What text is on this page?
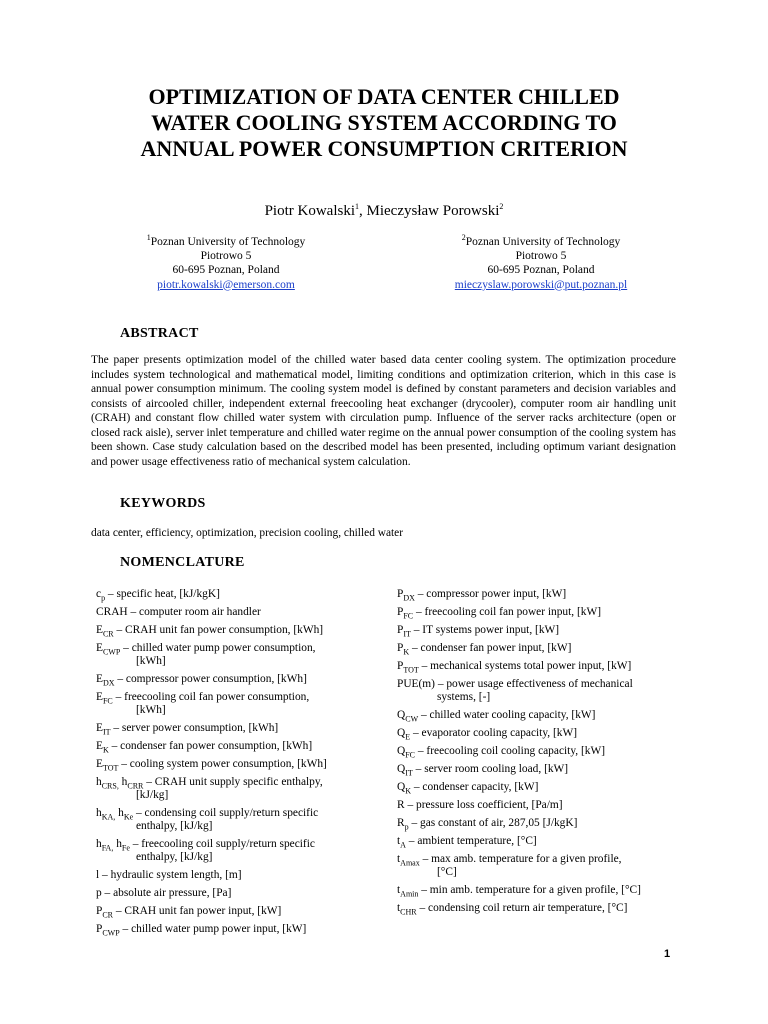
OPTIMIZATION OF DATA CENTER CHILLED
WATER COOLING SYSTEM ACCORDING TO
ANNUAL POWER CONSUMPTION CRITERION
Piotr Kowalski$^1$, Mieczysław Porowski$^2$
$^1$Poznan University of Technology
Piotrowo 5
60-695 Poznan, Poland
piotr.kowalski@emerson.com
$^2$Poznan University of Technology
Piotrowo 5
60-695 Poznan, Poland
mieczyslaw.porowski@put.poznan.pl
ABSTRACT

The paper presents optimization model of the chilled water based data center cooling system. The optimization procedure includes system technological and mathematical model, limiting conditions and optimization criterion, which in this case is annual power consumption minimum. The cooling system model is defined by constant parameters and decision variables and consists of aircooled chiller, independent external freecooling heat exchanger (drycooler), computer room air handling unit (CRAH) and constant flow chilled water system with circulation pump. Influence of the server racks architecture (open or closed rack aisle), server inlet temperature and chilled water regime on the annual power consumption of the cooling system has been shown. Case study calculation based on the described model has been presented, including optimum variant designation and power usage effectiveness ratio of mechanical system calculation.

KEYWORDS

data center, efficiency, optimization, precision cooling, chilled water

NOMENCLATURE
$c_p$ – specific heat, [kJ/kgK]
CRAH – computer room air handler
$E_{CR}$ – CRAH unit fan power consumption, [kWh]
$E_{CWP}$ – chilled water pump power consumption,
[kWh]
$E_{DX}$ – compressor power consumption, [kWh]
$E_{FC}$ – freecooling coil fan power consumption,
[kWh]
$E_{IT}$ – server power consumption, [kWh]
$E_K$ – condenser fan power consumption, [kWh]
$E_{TOT}$ – cooling system power consumption, [kWh]
$h_{CRS,}$ $h_{CRR}$ – CRAH unit supply specific enthalpy,
[kJ/kg]
$h_{KA,}$ $h_{Ke}$ – condensing coil supply/return specific
enthalpy, [kJ/kg]
$h_{FA,}$ $h_{Fe}$ – freecooling coil supply/return specific
enthalpy, [kJ/kg]
l – hydraulic system length, [m]
p – absolute air pressure, [Pa]
$P_{CR}$ – CRAH unit fan power input, [kW]
$P_{CWP}$ – chilled water pump power input, [kW]
$P_{DX}$ – compressor power input, [kW]
$P_{FC}$ – freecooling coil fan power input, [kW]
$P_{IT}$ – IT systems power input, [kW]
$P_K$ – condenser fan power input, [kW]
$P_{TOT}$ – mechanical systems total power input, [kW]
PUE(m) – power usage effectiveness of mechanical
systems, [-]
$Q_{CW}$ – chilled water cooling capacity, [kW]
$Q_E$ – evaporator cooling capacity, [kW]
$Q_{FC}$ – freecooling coil cooling capacity, [kW]
$Q_{IT}$ – server room cooling load, [kW]
$Q_K$ – condenser capacity, [kW]
R – pressure loss coefficient, [Pa/m]
$R_p$ – gas constant of air, 287,05 [J/kgK]
$t_A$ – ambient temperature, [°C]
$t_{Amax}$ – max amb. temperature for a given profile,
[°C]
$t_{Amin}$ – min amb. temperature for a given profile, [°C]
$t_{CHR}$ – condensing coil return air temperature, [°C]
1
